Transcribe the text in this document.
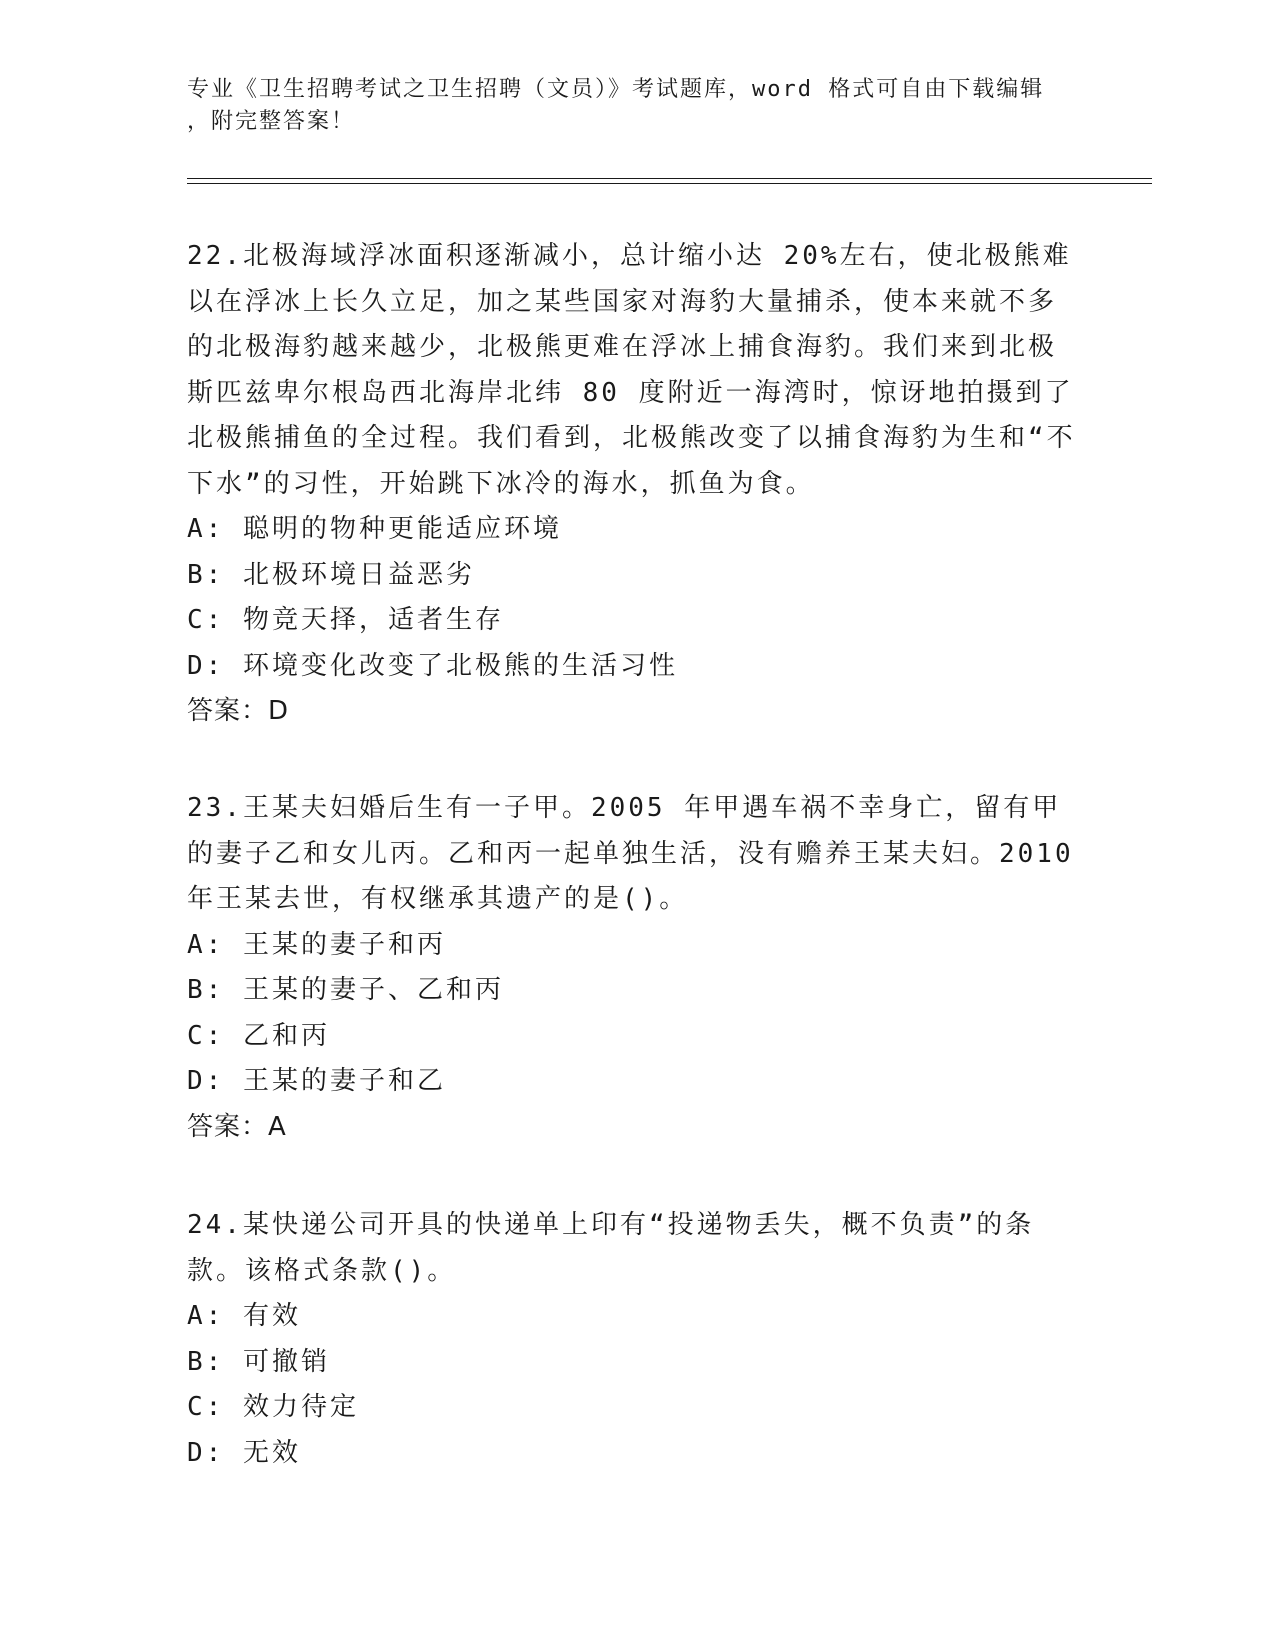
专业《卫生招聘考试之卫生招聘（文员）》考试题库，word 格式可自由下载编辑

，附完整答案！

22.北极海域浮冰面积逐渐减小，总计缩小达 20%左右，使北极熊难以在浮冰上长久立足，加之某些国家对海豹大量捕杀，使本来就不多的北极海豹越来越少，北极熊更难在浮冰上捕食海豹。我们来到北极斯匹兹卑尔根岛西北海岸北纬 80 度附近一海湾时，惊讶地拍摄到了北极熊捕鱼的全过程。我们看到，北极熊改变了以捕食海豹为生和“不下水”的习性，开始跳下冰冷的海水，抓鱼为食。

A: 聪明的物种更能适应环境

B: 北极环境日益恶劣

C: 物竞天择，适者生存

D: 环境变化改变了北极熊的生活习性

答案：D

23.王某夫妇婚后生有一子甲。2005 年甲遇车祸不幸身亡，留有甲的妻子乙和女儿丙。乙和丙一起单独生活，没有赡养王某夫妇。2010 年王某去世，有权继承其遗产的是()。

A: 王某的妻子和丙

B: 王某的妻子、乙和丙

C: 乙和丙

D: 王某的妻子和乙

答案：A

24.某快递公司开具的快递单上印有“投递物丢失，概不负责”的条款。该格式条款()。

A: 有效

B: 可撤销

C: 效力待定

D: 无效
